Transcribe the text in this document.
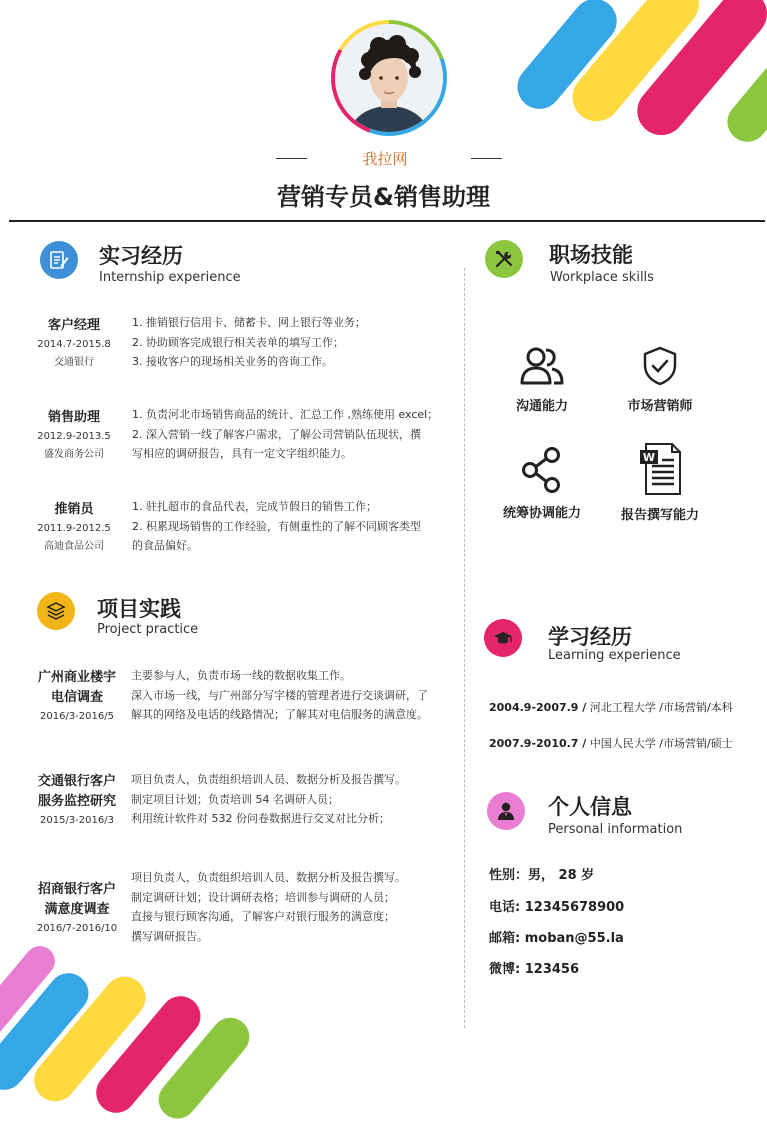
我拉网
营销专员&销售助理
实习经历
Internship experience
客户经理
2014.7-2015.8
交通银行
1. 推销银行信用卡、储蓄卡、网上银行等业务；
2. 协助顾客完成银行相关表单的填写工作；
3. 接收客户的现场相关业务的咨询工作。
销售助理
2012.9-2013.5
盛发商务公司
1. 负责河北市场销售商品的统计、汇总工作 ,熟练使用 excel；
2. 深入营销一线了解客户需求，了解公司营销队伍现状，撰
写相应的调研报告，具有一定文字组织能力。
推销员
2011.9-2012.5
高迪食品公司
1. 驻扎超市的食品代表，完成节假日的销售工作；
2. 积累现场销售的工作经验，有侧重性的了解不同顾客类型
的食品偏好。
项目实践
Project practice
广州商业楼宇
电信调查
2016/3-2016/5
主要参与人，负责市场一线的数据收集工作。
深入市场一线，与广州部分写字楼的管理者进行交谈调研，了
解其的网络及电话的线路情况；了解其对电信服务的满意度。
交通银行客户
服务监控研究
2015/3-2016/3
项目负责人，负责组织培训人员、数据分析及报告撰写。
制定项目计划；负责培训 54 名调研人员；
利用统计软件对 532 份问卷数据进行交叉对比分析；
招商银行客户
满意度调查
2016/7-2016/10
项目负责人，负责组织培训人员、数据分析及报告撰写。
制定调研计划；设计调研表格；培训参与调研的人员；
直接与银行顾客沟通，了解客户对银行服务的满意度；
撰写调研报告。
职场技能
Workplace skills
沟通能力	市场营销师
统筹协调能力
W
报告撰写能力
学习经历
Learning experience
2004.9-2007.9 / 河北工程大学 /市场营销/本科
2007.9-2010.7 / 中国人民大学 /市场营销/硕士
个人信息
Personal information
性别：男， 28 岁
电话: 12345678900
邮箱: moban@55.la
微博: 123456
